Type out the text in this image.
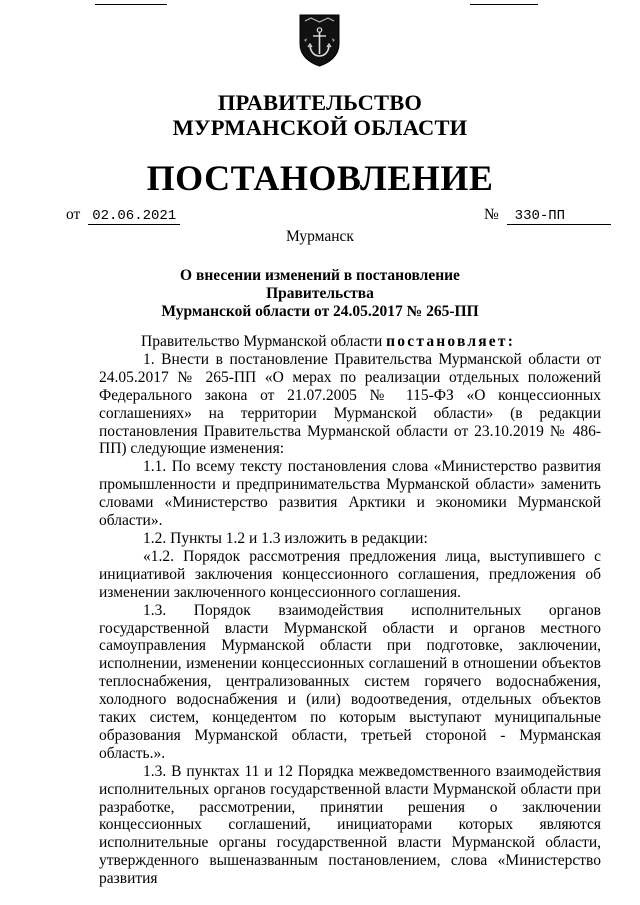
ПРАВИТЕЛЬСТВО
МУРМАНСКОЙ ОБЛАСТИ
ПОСТАНОВЛЕНИЕ
от 02.06.2021	№ 330-ПП
Мурманск
О внесении изменений в постановление Правительства
Мурманской области от 24.05.2017 № 265-ПП

Правительство Мурманской области постановляет:

1. Внести в постановление Правительства Мурманской области от 24.05.2017 № 265-ПП «О мерах по реализации отдельных положений Федерального закона от 21.07.2005 № 115-ФЗ «О концессионных соглашениях» на территории Мурманской области» (в редакции постановления Правительства Мурманской области от 23.10.2019 № 486-ПП) следующие изменения:

1.1. По всему тексту постановления слова «Министерство развития промышленности и предпринимательства Мурманской области» заменить словами «Министерство развития Арктики и экономики Мурманской области».

1.2. Пункты 1.2 и 1.3 изложить в редакции:

«1.2. Порядок рассмотрения предложения лица, выступившего с инициативой заключения концессионного соглашения, предложения об изменении заключенного концессионного соглашения.

1.3. Порядок взаимодействия исполнительных органов государственной власти Мурманской области и органов местного самоуправления Мурманской области при подготовке, заключении, исполнении, изменении концессионных соглашений в отношении объектов теплоснабжения, централизованных систем горячего водоснабжения, холодного водоснабжения и (или) водоотведения, отдельных объектов таких систем, концедентом по которым выступают муниципальные образования Мурманской области, третьей стороной - Мурманская область.».

1.3. В пунктах 11 и 12 Порядка межведомственного взаимодействия исполнительных органов государственной власти Мурманской области при разработке, рассмотрении, принятии решения о заключении концессионных соглашений, инициаторами которых являются исполнительные органы государственной власти Мурманской области, утвержденного вышеназванным постановлением, слова «Министерство развития
